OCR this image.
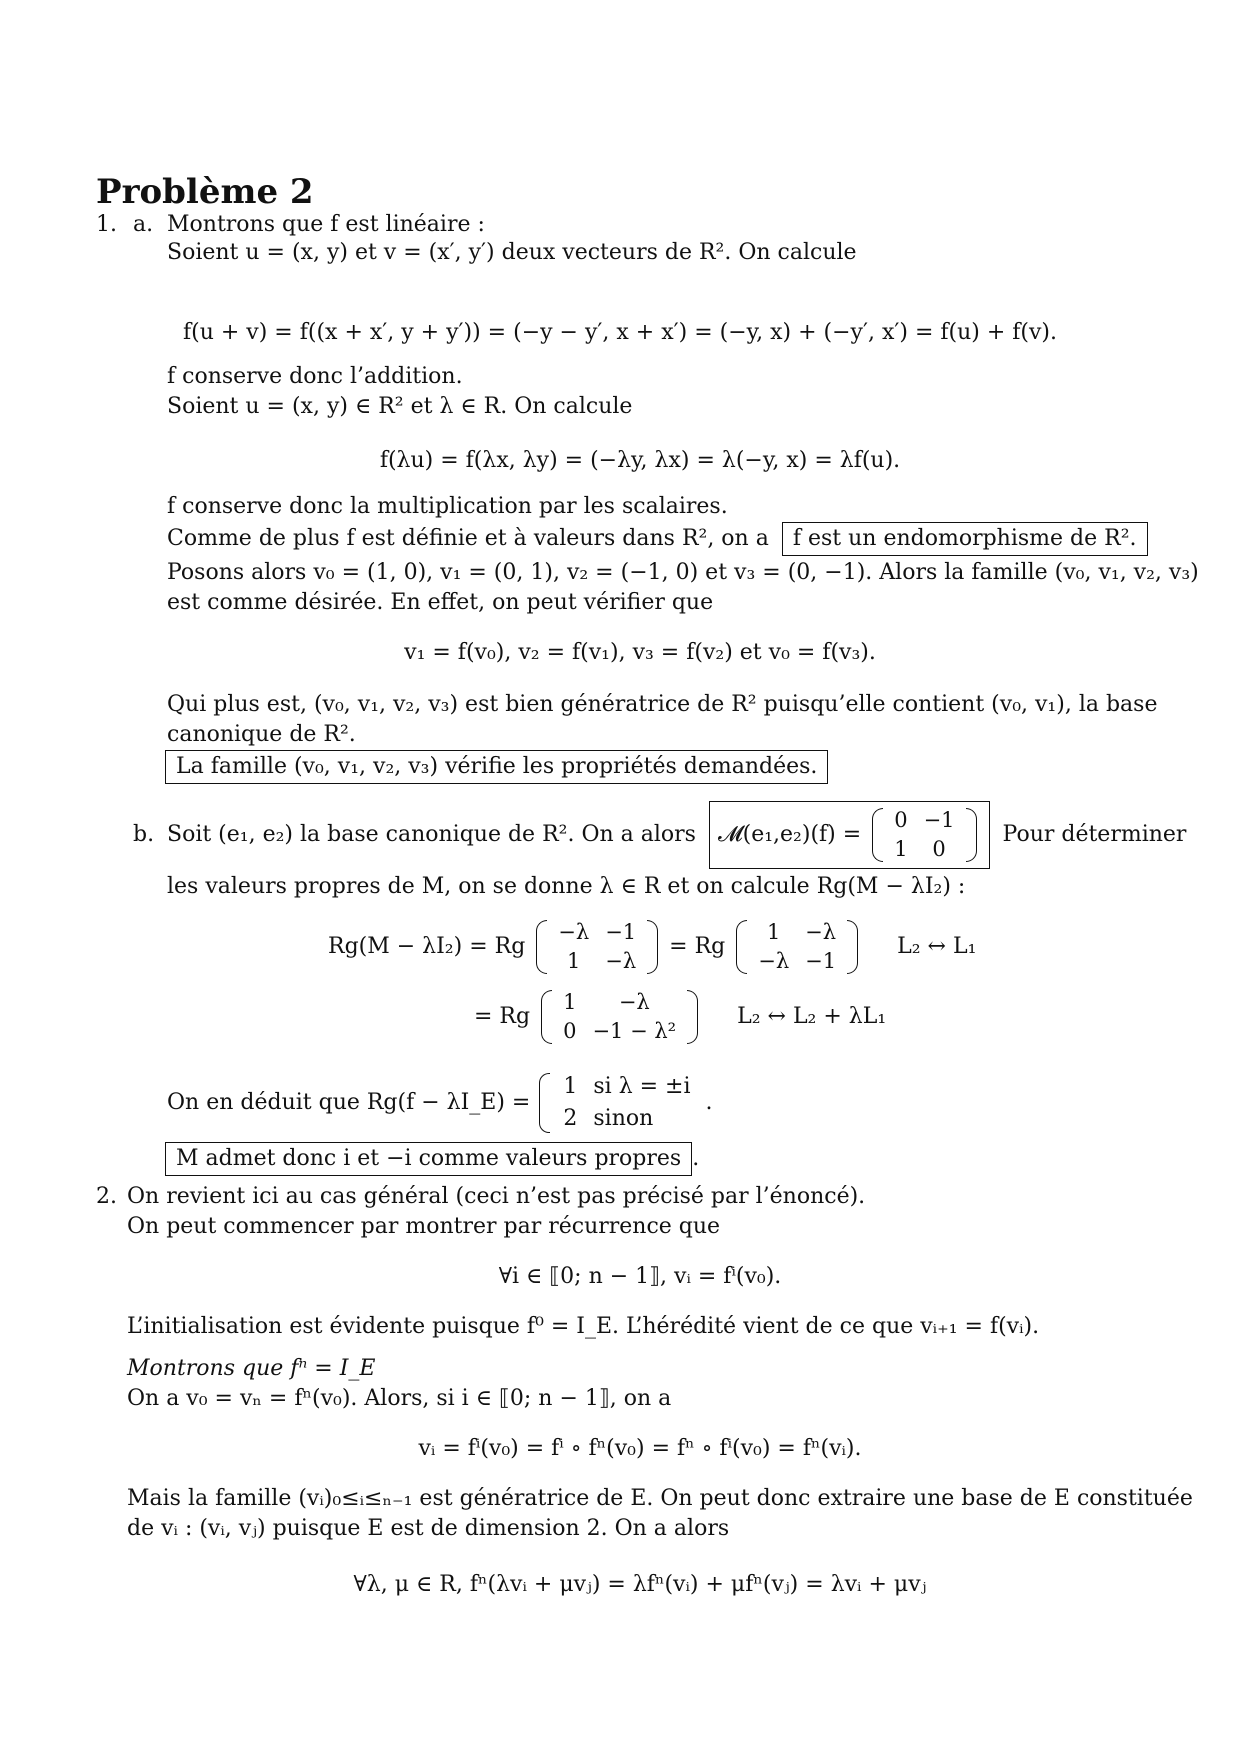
Problème 2
1. a. Montrons que f est linéaire :
Soient u = (x, y) et v = (x′, y′) deux vecteurs de R². On calcule
f(u + v) = f((x + x′, y + y′)) = (−y − y′, x + x′) = (−y, x) + (−y′, x′) = f(u) + f(v).
f conserve donc l’addition.
Soient u = (x, y) ∈ R² et λ ∈ R. On calcule
f(λu) = f(λx, λy) = (−λy, λx) = λ(−y, x) = λf(u).
f conserve donc la multiplication par les scalaires.
Comme de plus f est définie et à valeurs dans R², on a f est un endomorphisme de R².
Posons alors v₀ = (1, 0), v₁ = (0, 1), v₂ = (−1, 0) et v₃ = (0, −1). Alors la famille (v₀, v₁, v₂, v₃)
est comme désirée. En effet, on peut vérifier que
v₁ = f(v₀), v₂ = f(v₁), v₃ = f(v₂) et v₀ = f(v₃).
Qui plus est, (v₀, v₁, v₂, v₃) est bien génératrice de R² puisqu’elle contient (v₀, v₁), la base
canonique de R².
La famille (v₀, v₁, v₂, v₃) vérifie les propriétés demandées.
b. Soit (e₁, e₂) la base canonique de R². On a alors 𝓜(e₁,e₂)(f) =
0	−1
1	0
Pour déterminer
les valeurs propres de M, on se donne λ ∈ R et on calcule Rg(M − λI₂) :
Rg(M − λI₂) = Rg
−λ	−1
1	−λ
= Rg
1	−λ
−λ	−1
L₂ ↔ L₁
= Rg
1	−λ
0	−1 − λ²
L₂ ↔ L₂ + λL₁
On en déduit que Rg(f − λI_E) =
1	si λ = ±i
2	sinon
.
M admet donc i et −i comme valeurs propres .
2. On revient ici au cas général (ceci n’est pas précisé par l’énoncé).
On peut commencer par montrer par récurrence que
∀i ∈ ⟦0; n − 1⟧, vᵢ = fⁱ(v₀).
L’initialisation est évidente puisque f⁰ = I_E. L’hérédité vient de ce que vᵢ₊₁ = f(vᵢ).
Montrons que fⁿ = I_E
On a v₀ = vₙ = fⁿ(v₀). Alors, si i ∈ ⟦0; n − 1⟧, on a
vᵢ = fⁱ(v₀) = fⁱ ∘ fⁿ(v₀) = fⁿ ∘ fⁱ(v₀) = fⁿ(vᵢ).
Mais la famille (vᵢ)₀≤ᵢ≤ₙ₋₁ est génératrice de E. On peut donc extraire une base de E constituée
de vᵢ : (vᵢ, vⱼ) puisque E est de dimension 2. On a alors
∀λ, μ ∈ R, fⁿ(λvᵢ + μvⱼ) = λfⁿ(vᵢ) + μfⁿ(vⱼ) = λvᵢ + μvⱼ
